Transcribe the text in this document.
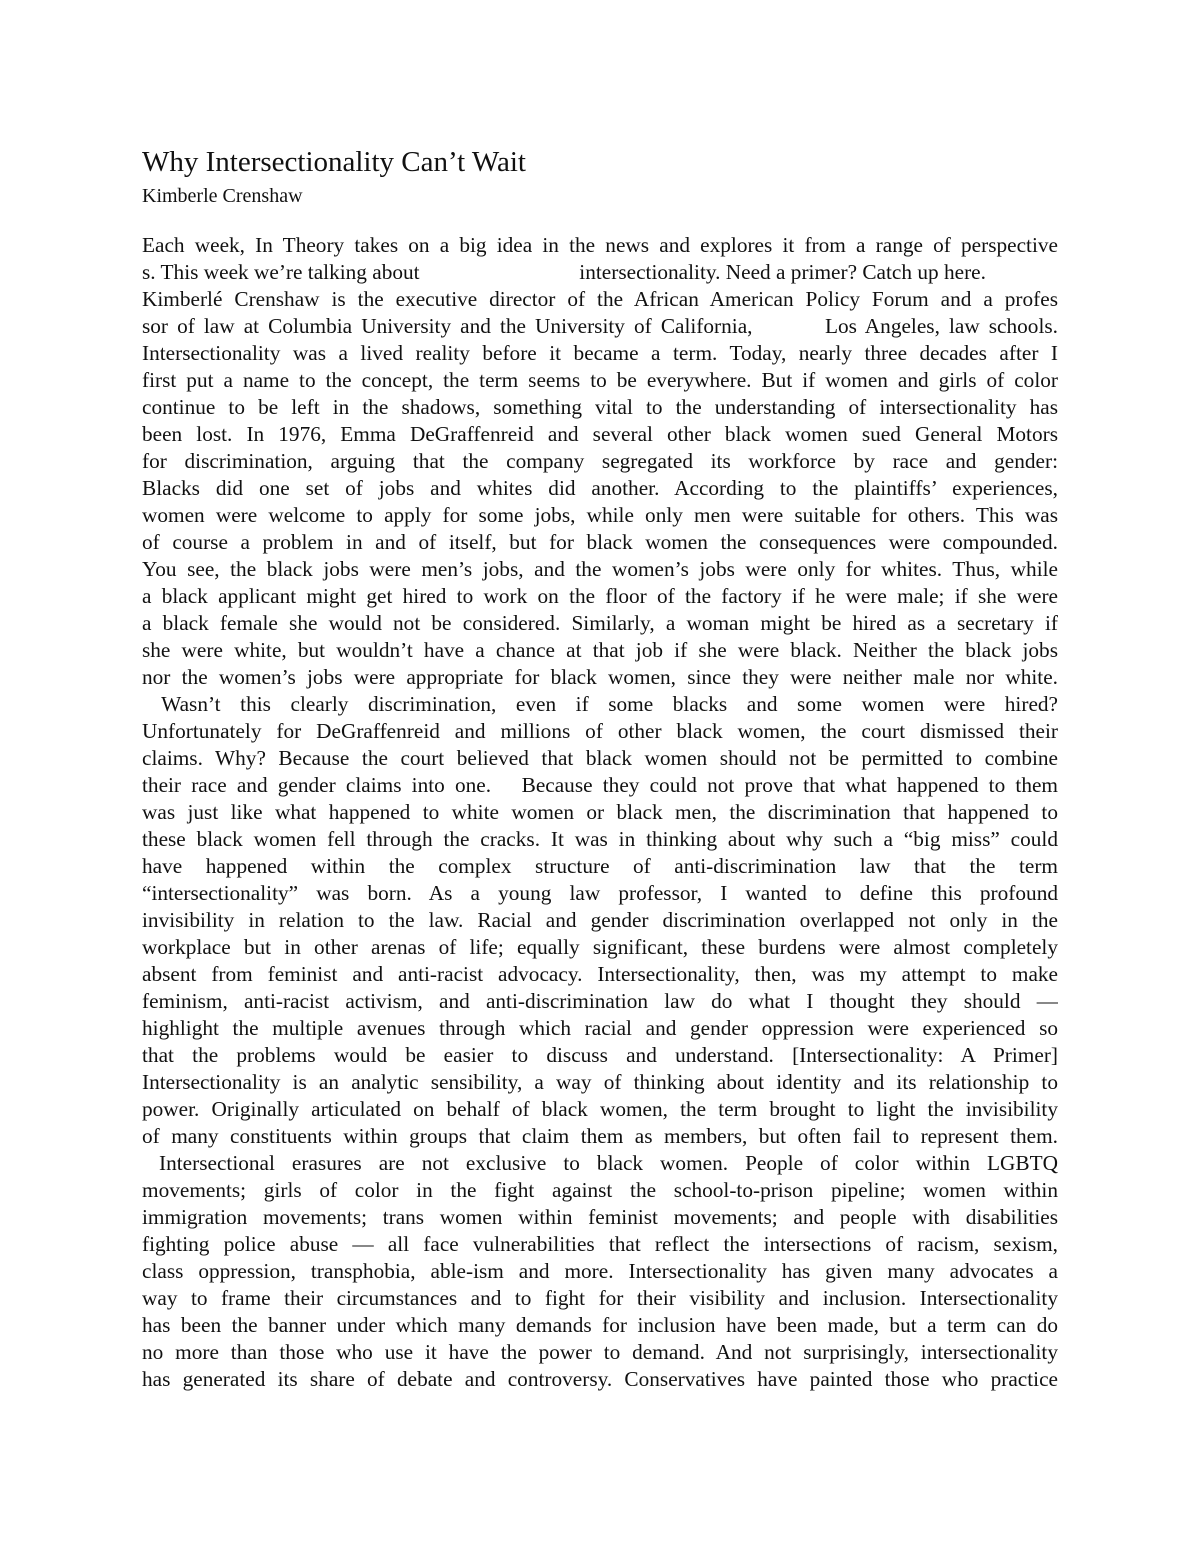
Why Intersectionality Can’t Wait
Kimberle Crenshaw
Each week, In Theory takes on a big idea in the news and explores it from a range of perspective
s. This week we’re talking about                              intersectionality. Need a primer? Catch up here.
Kimberlé Crenshaw is the executive director of the African American Policy Forum and a profes
sor of law at Columbia University and the University of California,        Los Angeles, law schools.
Intersectionality was a lived reality before it became a term. Today, nearly three decades after I
first put a name to the concept, the term seems to be everywhere. But if women and girls of color
continue to be left in the shadows, something vital to the understanding of intersectionality has
been lost. In 1976, Emma DeGraffenreid and several other black women sued General Motors
for discrimination, arguing that the company segregated its workforce by race and gender:
Blacks did one set of jobs and whites did another. According to the plaintiffs’ experiences,
women were welcome to apply for some jobs, while only men were suitable for others. This was
of course a problem in and of itself, but for black women the consequences were compounded.
You see, the black jobs were men’s jobs, and the women’s jobs were only for whites. Thus, while
a black applicant might get hired to work on the floor of the factory if he were male; if she were
a black female she would not be considered. Similarly, a woman might be hired as a secretary if
she were white, but wouldn’t have a chance at that job if she were black. Neither the black jobs
nor the women’s jobs were appropriate for black women, since they were neither male nor white.
Wasn’t this clearly discrimination, even if some blacks and some women were hired?
Unfortunately for DeGraffenreid and millions of other black women, the court dismissed their
claims. Why? Because the court believed that black women should not be permitted to combine
their race and gender claims into one.   Because they could not prove that what happened to them
was just like what happened to white women or black men, the discrimination that happened to
these black women fell through the cracks. It was in thinking about why such a “big miss” could
have happened within the complex structure of anti-discrimination law that the term
“intersectionality” was born. As a young law professor, I wanted to define this profound
invisibility in relation to the law. Racial and gender discrimination overlapped not only in the
workplace but in other arenas of life; equally significant, these burdens were almost completely
absent from feminist and anti-racist advocacy. Intersectionality, then, was my attempt to make
feminism, anti-racist activism, and anti-discrimination law do what I thought they should —
highlight the multiple avenues through which racial and gender oppression were experienced so
that the problems would be easier to discuss and understand. [Intersectionality: A Primer]
Intersectionality is an analytic sensibility, a way of thinking about identity and its relationship to
power. Originally articulated on behalf of black women, the term brought to light the invisibility
of many constituents within groups that claim them as members, but often fail to represent them.
Intersectional erasures are not exclusive to black women. People of color within LGBTQ
movements; girls of color in the fight against the school-to-prison pipeline; women within
immigration movements; trans women within feminist movements; and people with disabilities
fighting police abuse — all face vulnerabilities that reflect the intersections of racism, sexism,
class oppression, transphobia, able-ism and more. Intersectionality has given many advocates a
way to frame their circumstances and to fight for their visibility and inclusion. Intersectionality
has been the banner under which many demands for inclusion have been made, but a term can do
no more than those who use it have the power to demand. And not surprisingly, intersectionality
has generated its share of debate and controversy. Conservatives have painted those who practice
